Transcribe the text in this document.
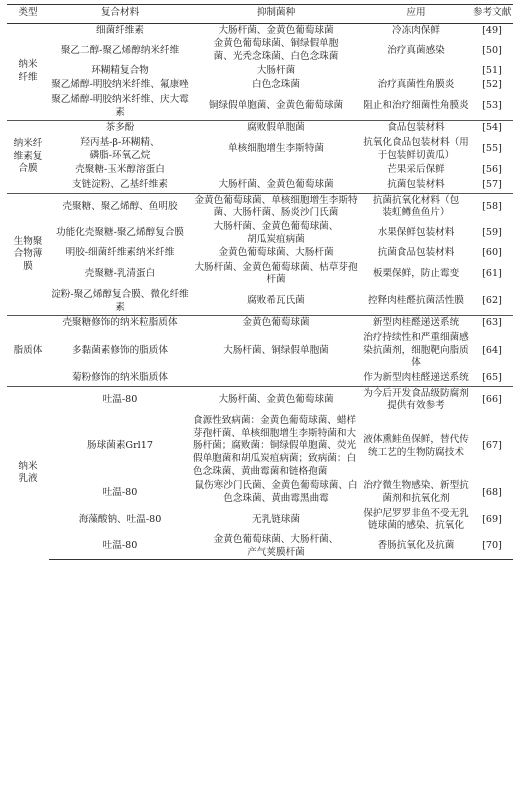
类型	复合材料	抑制菌种	应用	参考文献
纳米纤维	细菌纤维素	大肠杆菌、金黄色葡萄球菌	冷冻肉保鲜	[49]
	聚乙二醇-聚乙烯醇纳米纤维	金黄色葡萄球菌、铜绿假单胞菌、光秃念珠菌、白色念珠菌	治疗真菌感染	[50]
	环糊精复合物	大肠杆菌		[51]
	聚乙烯醇-明胶纳米纤维、氟康唑	白色念珠菌	治疗真菌性角膜炎	[52]
	聚乙烯醇-明胶纳米纤维、庆大霉素	铜绿假单胞菌、金黄色葡萄球菌	阻止和治疗细菌性角膜炎	[53]
纳米纤维素复合膜	茶多酚	腐败假单胞菌	食品包装材料	[54]
	羟丙基-β-环糊精、磷脂-环氧乙烷	单核细胞增生李斯特菌	抗氧化食品包装材料（用于包装鲜切黄瓜）	[55]
	壳聚糖-玉米醇溶蛋白		芒果采后保鲜	[56]
	支链淀粉、乙基纤维素	大肠杆菌、金黄色葡萄球菌	抗菌包装材料	[57]
生物聚合物薄膜	壳聚糖、聚乙烯醇、鱼明胶	金黄色葡萄球菌、单核细胞增生李斯特菌、大肠杆菌、肠炎沙门氏菌	抗菌抗氧化材料（包装虹鳟鱼鱼片）	[58]
	功能化壳聚糖-聚乙烯醇复合膜	大肠杆菌、金黄色葡萄球菌、胡瓜炭疽病菌	水果保鲜包装材料	[59]
	明胶-细菌纤维素纳米纤维	金黄色葡萄球菌、大肠杆菌	抗菌食品包装材料	[60]
	壳聚糖-乳清蛋白	大肠杆菌、金黄色葡萄球菌、枯草芽孢杆菌	板栗保鲜，防止霉变	[61]
	淀粉-聚乙烯醇复合膜、微化纤维素	腐败希瓦氏菌	控释肉桂醛抗菌活性膜	[62]
脂质体	壳聚糖修饰的纳米粒脂质体	金黄色葡萄球菌	新型肉桂醛递送系统	[63]
	多黏菌素修饰的脂质体	大肠杆菌、铜绿假单胞菌	治疗持续性和严重细菌感染抗菌剂，细胞靶向脂质体	[64]
	菊粉修饰的纳米脂质体		作为新型肉桂醛递送系统	[65]
纳米乳液	吐温-80	大肠杆菌、金黄色葡萄球菌	为今后开发食品级防腐剂提供有效参考	[66]
	肠球菌素Grl17	食源性致病菌：金黄色葡萄球菌、蜡样芽孢杆菌、单核细胞增生李斯特菌和大肠杆菌；腐败菌：铜绿假单胞菌、荧光假单胞菌和胡瓜炭疽病菌；致病菌：白色念珠菌、黄曲霉菌和链格孢菌	液体熏鲑鱼保鲜，替代传统工艺的生物防腐技术	[67]
	吐温-80	鼠伤寒沙门氏菌、金黄色葡萄球菌、白色念珠菌、黄曲霉黑曲霉	治疗微生物感染、新型抗菌剂和抗氧化剂	[68]
	海藻酸钠、吐温-80	无乳链球菌	保护尼罗罗非鱼不受无乳链球菌的感染、抗氧化	[69]
	吐温-80	金黄色葡萄球菌、大肠杆菌、产气荚膜杆菌	香肠抗氧化及抗菌	[70]
